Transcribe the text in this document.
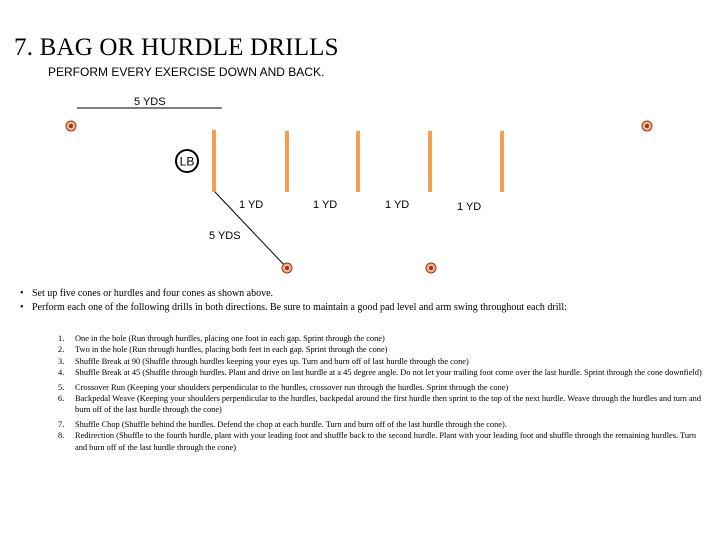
7. BAG OR HURDLE DRILLS
PERFORM EVERY EXERCISE DOWN AND BACK.
5 YDS
LB
1 YD	1 YD	1 YD	1 YD
5 YDS
• Set up five cones or hurdles and four cones as shown above.
• Perform each one of the following drills in both directions. Be sure to maintain a good pad level and arm swing throughout each drill:
1.	One in the hole (Run through hurdles, placing one foot in each gap. Sprint through the cone)
2.	Two in the hole (Run through hurdles, placing both feet in each gap. Sprint through the cone)
3.	Shuffle Break at 90 (Shuffle through hurdles keeping your eyes up. Turn and burn off of last hurdle through the cone)
4.	Shuffle Break at 45 (Shuffle through hurdles. Plant and drive on last hurdle at a 45 degree angle. Do not let your trailing foot come over the last hurdle. Sprint through the cone downfield)
5.	Crossover Run (Keeping your shoulders perpendicular to the hurdles, crossover run through the hurdles. Sprint through the cone)
6.	Backpedal Weave (Keeping your shoulders perpendicular to the hurdles, backpedal around the first hurdle then sprint to the top of the next hurdle. Weave through the hurdles and turn and burn off of the last hurdle through the cone)
7.	Shuffle Chop (Shuffle behind the hurdles. Defend the chop at each hurdle. Turn and burn off of the last hurdle through the cone).
8.	Redirection (Shuffle to the fourth hurdle, plant with your leading foot and shuffle back to the second hurdle. Plant with your leading foot and shuffle through the remaining hurdles. Turn and burn off of the last hurdle through the cone)
